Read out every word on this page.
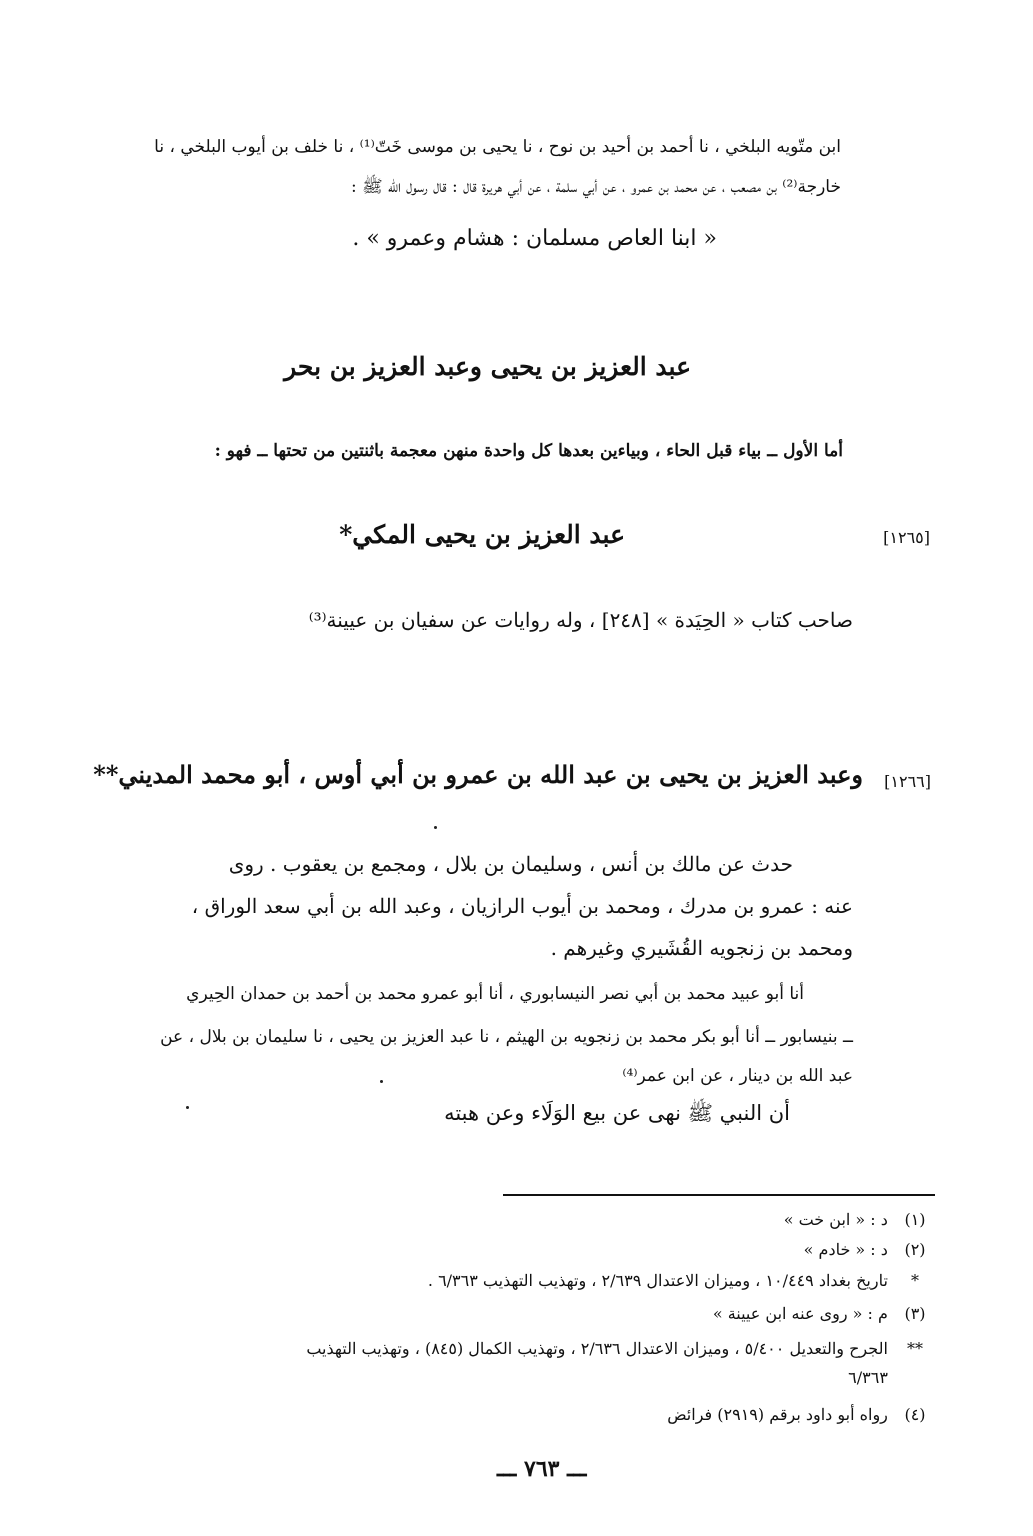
ابن متّويه البلخي ، نا أحمد بن أحيد بن نوح ، نا يحيى بن موسى خَتّ⁽¹⁾ ، نا خلف بن أيوب البلخي ، نا
خارجة⁽²⁾ بن مصعب ، عن محمد بن عمرو ، عن أبي سلمة ، عن أبي هريرة قال : قال رسول الله ﷺ :
« ابنا العاص مسلمان : هشام وعمرو » .
عبد العزيز بن يحيى وعبد العزيز بن بحر
أما الأول ــ بياء قبل الحاء ، وبياءين بعدها كل واحدة منهن معجمة باثنتين من تحتها ــ فهو :
[١٢٦٥]
عبد العزيز بن يحيى المكي*
صاحب كتاب « الحِيَدة » [٢٤٨] ، وله روايات عن سفيان بن عيينة⁽³⁾
[١٢٦٦]
وعبد العزيز بن يحيى بن عبد الله بن عمرو بن أبي أوس ، أبو محمد المديني**
حدث عن مالك بن أنس ، وسليمان بن بلال ، ومجمع بن يعقوب . روى
عنه : عمرو بن مدرك ، ومحمد بن أيوب الرازيان ، وعبد الله بن أبي سعد الوراق ،
ومحمد بن زنجويه القُشَيري وغيرهم .
أنا أبو عبيد محمد بن أبي نصر النيسابوري ، أنا أبو عمرو محمد بن أحمد بن حمدان الحِيري
ــ بنيسابور ــ أنا أبو بكر محمد بن زنجويه بن الهيثم ، نا عبد العزيز بن يحيى ، نا سليمان بن بلال ، عن
عبد الله بن دينار ، عن ابن عمر⁽⁴⁾
أن النبي ﷺ نهى عن بيع الوَلَاء وعن هبته
(١) د : « ابن خت »
(٢) د : « خادم »
* تاريخ بغداد ١٠/٤٤٩ ، وميزان الاعتدال ٢/٦٣٩ ، وتهذيب التهذيب ٦/٣٦٣ .
(٣) م : « روى عنه ابن عيينة »
** الجرح والتعديل ٥/٤٠٠ ، وميزان الاعتدال ٢/٦٣٦ ، وتهذيب الكمال (٨٤٥) ، وتهذيب التهذيب
٦/٣٦٣
(٤) رواه أبو داود برقم (٢٩١٩) فرائض
ـــ ٧٦٣ ـــ
